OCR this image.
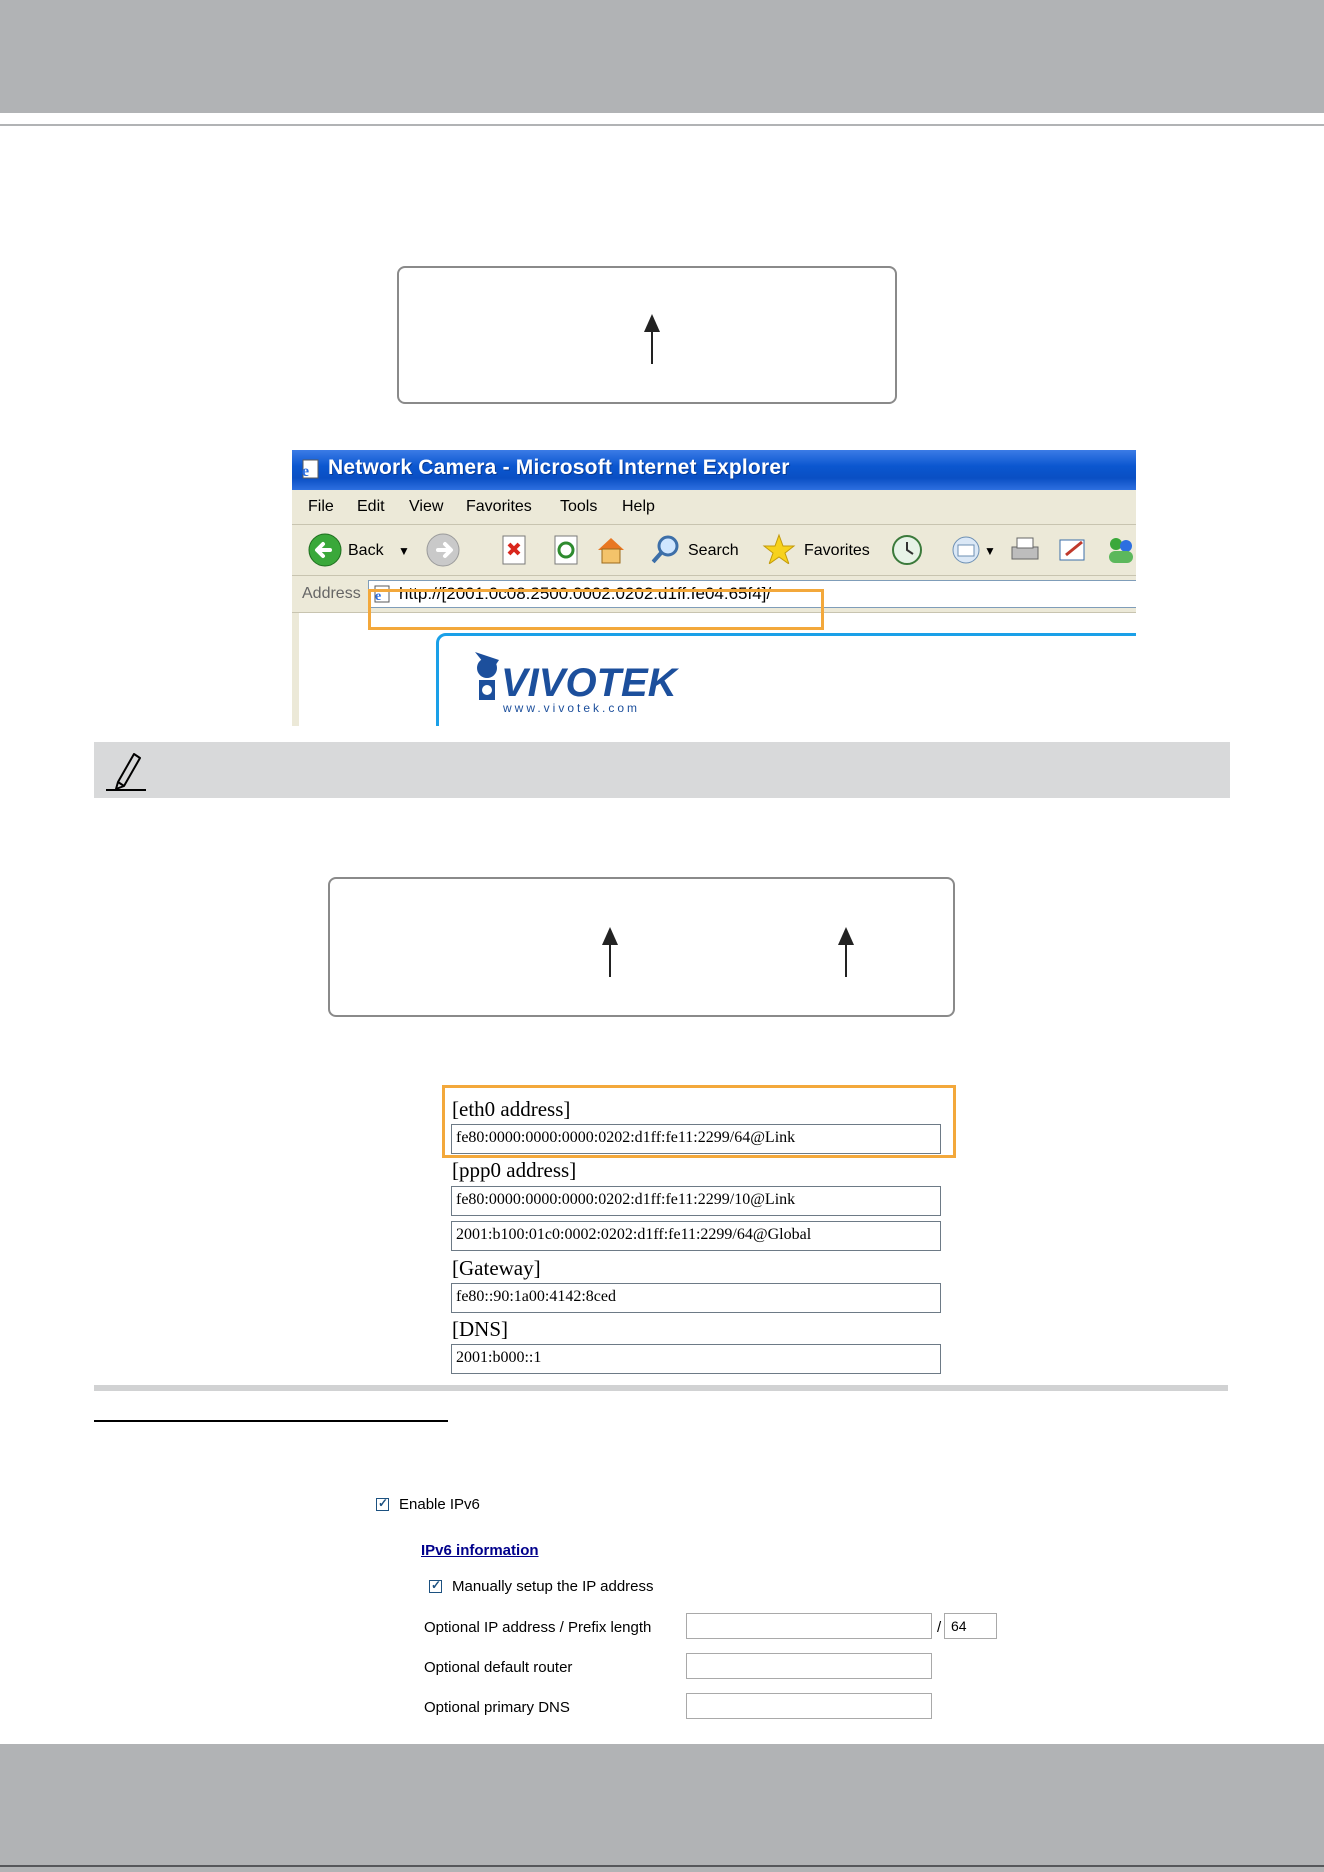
e Network Camera - Microsoft Internet Explorer
File Edit View Favorites Tools Help
Back ▼	Search	Favorites	▼
Address e http://[2001:0c08:2500:0002:0202:d1ff:fe04:65f4]/
VIVOTEK
www.vivotek.com
[eth0 address]
fe80:0000:0000:0000:0202:d1ff:fe11:2299/64@Link
[ppp0 address]
fe80:0000:0000:0000:0202:d1ff:fe11:2299/10@Link
2001:b100:01c0:0002:0202:d1ff:fe11:2299/64@Global
[Gateway]
fe80::90:1a00:4142:8ced
[DNS]
2001:b000::1
✓ Enable IPv6
IPv6 information
✓ Manually setup the IP address
Optional IP address / Prefix length	/ 64
Optional default router
Optional primary DNS
